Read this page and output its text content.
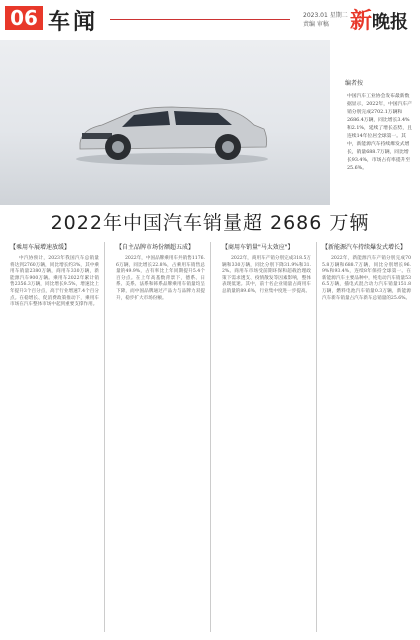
06 车闻	2023.01 星期二
责编 审稿 新晚报
编者按
中国汽车工业协会发布最新数据显示，2022年，中国汽车产销分别完成2702.1万辆和2686.4万辆，同比增长3.4%和2.1%，延续了增长态势，且连续14年位居全球第一。其中，新能源汽车持续爆发式增长，销量688.7万辆，同比增长93.4%，市场占有率提升至25.6%。
2022年中国汽车销量超 2686 万辆
【乘用车展增速放缓】

中汽协预计，2023年我国汽车总销量将达到2760万辆，同比增长约3%，其中乘用车销量2380万辆，商用车330万辆，新能源汽车900万辆。乘用车2022年累计销售2356.3万辆，同比增长9.5%，增速比上年提升3个百分点，高于行业增速7.4个百分点。在稳增长、促消费政策推动下，乘用车市场在汽车整体市场中起到重要支撑作用。

【自主品牌市场份额超五成】

2022年，中国品牌乘用车共销售1176.6万辆，同比增长22.8%，占乘用车销售总量的49.9%，占有率比上年同期提升5.4个百分点。在上年高基数背景下，德系、日系、美系、法系和韩系品牌乘用车销量均呈下降，而中国品牌通过产品力与品牌力双提升，稳步扩大市场份额。

【商用车销量"马太效应"】

2022年，商用车产销分别完成318.5万辆和330万辆，同比分别下降31.9%和31.2%。商用车市场受前期环保和超载治理政策下需求透支、疫情散发等因素影响，整体表现低迷。其中，前十名企业销量占商用车总销量的89.6%，行业集中度进一步提高。

【新能源汽车持续爆发式增长】

2022年，新能源汽车产销分别完成705.8万辆和688.7万辆，同比分别增长96.9%和93.4%，连续8年保持全球第一。在新能源汽车主要品种中，纯电动汽车销量536.5万辆，插电式混合动力汽车销量151.8万辆，燃料电池汽车销量0.3万辆，新能源汽车新车销量占汽车新车总销量的25.6%。
